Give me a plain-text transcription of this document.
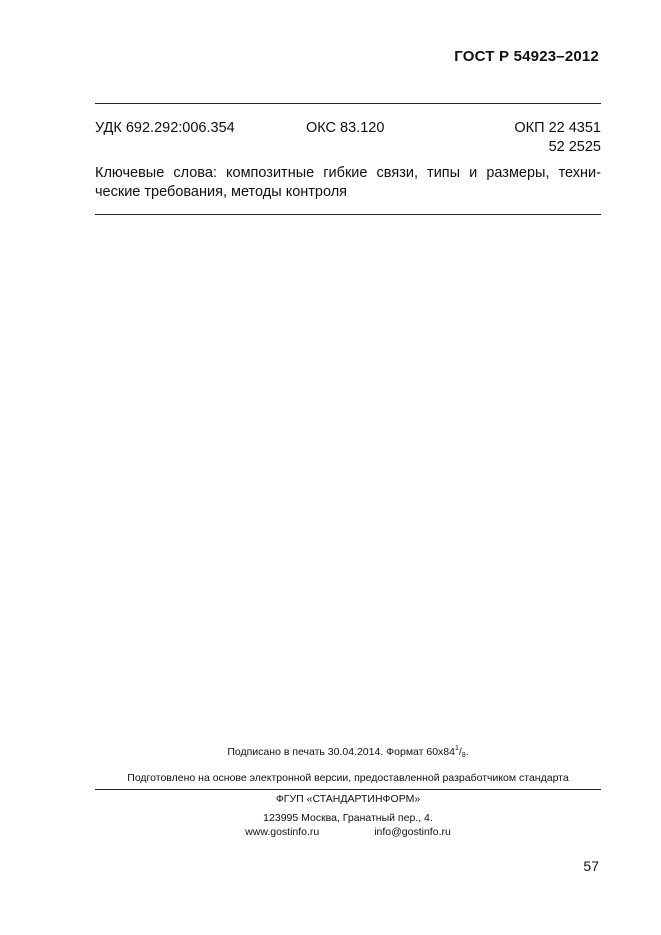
ГОСТ Р 54923–2012
УДК 692.292:006.354	ОКС 83.120	ОКП 22 4351
52 2525
Ключевые слова: композитные гибкие связи, типы и размеры, техни-
ческие требования, методы контроля
Подписано в печать 30.04.2014. Формат $60x84^1/_8$.
Подготовлено на основе электронной версии, предоставленной разработчиком стандарта
ФГУП «СТАНДАРТИНФОРМ»
123995 Москва, Гранатный пер., 4.
www.gostinfo.ru	info@gostinfo.ru
57
